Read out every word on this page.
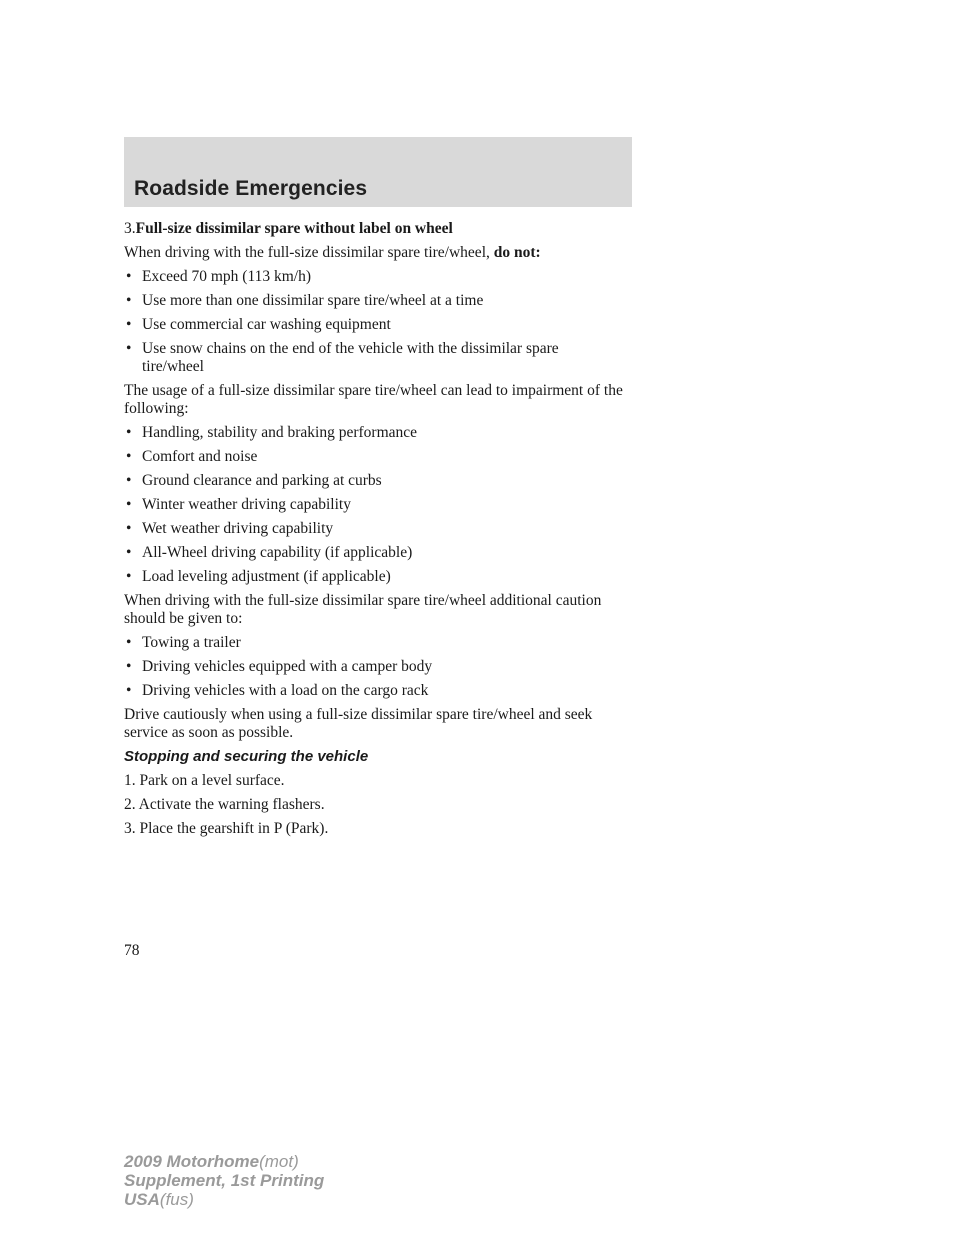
Roadside Emergencies

3.Full-size dissimilar spare without label on wheel

When driving with the full-size dissimilar spare tire/wheel, do not:

• Exceed 70 mph (113 km/h)
• Use more than one dissimilar spare tire/wheel at a time
• Use commercial car washing equipment
• Use snow chains on the end of the vehicle with the dissimilar spare tire/wheel

The usage of a full-size dissimilar spare tire/wheel can lead to impairment of the following:

• Handling, stability and braking performance
• Comfort and noise
• Ground clearance and parking at curbs
• Winter weather driving capability
• Wet weather driving capability
• All-Wheel driving capability (if applicable)
• Load leveling adjustment (if applicable)

When driving with the full-size dissimilar spare tire/wheel additional caution should be given to:

• Towing a trailer
• Driving vehicles equipped with a camper body
• Driving vehicles with a load on the cargo rack

Drive cautiously when using a full-size dissimilar spare tire/wheel and seek service as soon as possible.

Stopping and securing the vehicle

1. Park on a level surface.

2. Activate the warning flashers.

3. Place the gearshift in P (Park).

78
2009 Motorhome(mot)
Supplement, 1st Printing
USA(fus)
